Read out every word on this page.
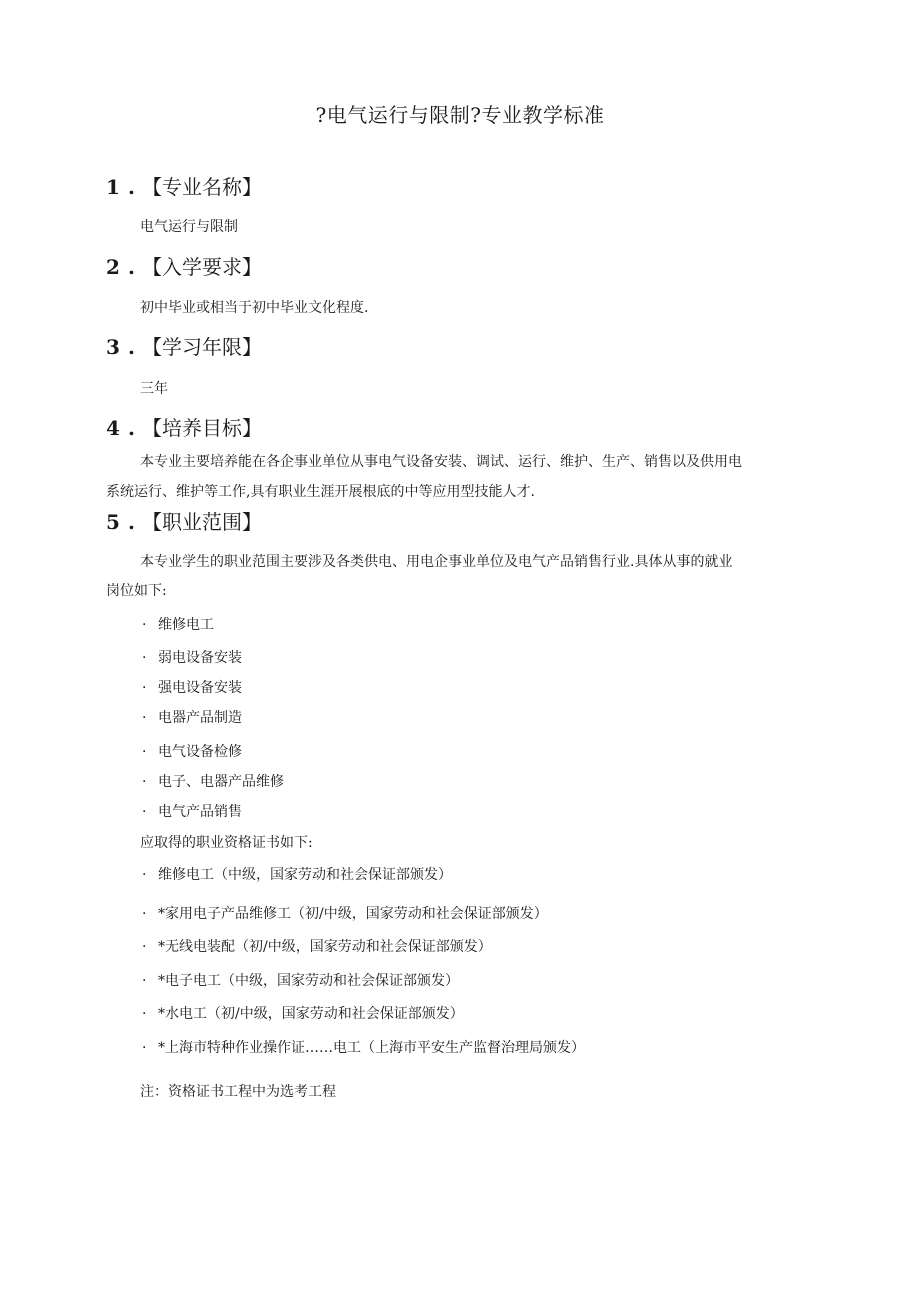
?电气运行与限制?专业教学标准
1 . 【专业名称】
电气运行与限制
2 . 【入学要求】
初中毕业或相当于初中毕业文化程度.
3 . 【学习年限】
三年
4 . 【培养目标】
本专业主要培养能在各企事业单位从事电气设备安装、调试、运行、维护、生产、销售以及供用电
系统运行、维护等工作,具有职业生涯开展根底的中等应用型技能人才.
5 . 【职业范围】
本专业学生的职业范围主要涉及各类供电、用电企事业单位及电气产品销售行业.具体从事的就业
岗位如下:
· 维修电工
· 弱电设备安装
· 强电设备安装
· 电器产品制造
· 电气设备检修
· 电子、电器产品维修
· 电气产品销售
应取得的职业资格证书如下:
· 维修电工（中级，国家劳动和社会保证部颁发）
· *家用电子产品维修工（初/中级，国家劳动和社会保证部颁发）
· *无线电装配（初/中级，国家劳动和社会保证部颁发）
· *电子电工（中级，国家劳动和社会保证部颁发）
· *水电工（初/中级，国家劳动和社会保证部颁发）
· *上海市特种作业操作证……电工（上海市平安生产监督治理局颁发）
注：资格证书工程中为选考工程
